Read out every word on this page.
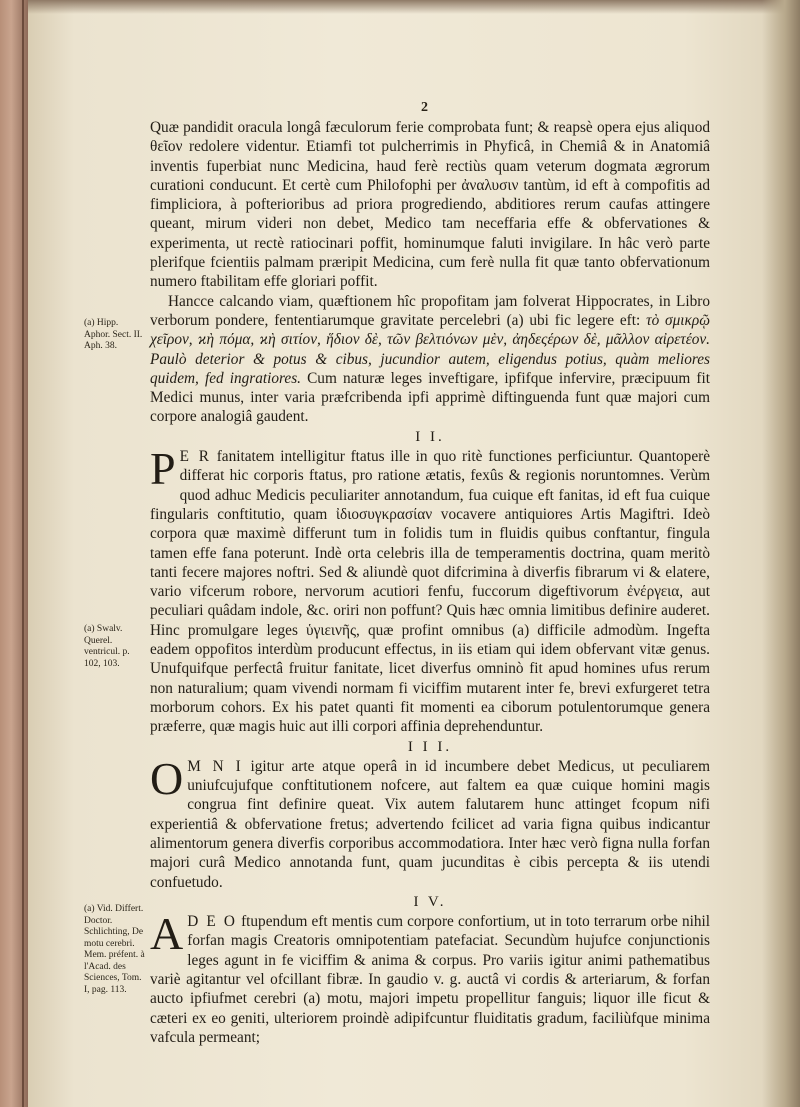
2
(a) Hipp. Aphor. Sect. II. Aph. 38.
(a) Swalv. Querel. ventricul. p. 102, 103.
(a) Vid. Differt. Doctor. Schlichting, De motu cerebri. Mem. préfent. à l'Acad. des Sciences, Tom. I, pag. 113.

Quæ pandidit oracula longâ fæculorum ferie comprobata funt; & reapsè opera ejus aliquod θεῖον redolere videntur. Etiamfi tot pulcherrimis in Phyficâ, in Chemiâ & in Anatomiâ inventis fuperbiat nunc Medicina, haud ferè rectiùs quam veterum dogmata ægrorum curationi conducunt. Et certè cum Philofophi per ἀναλυσιν tantùm, id eft à compofitis ad fimpliciora, à pofterioribus ad priora progrediendo, abditiores rerum caufas attingere queant, mirum videri non debet, Medico tam neceffaria effe & obfervationes & experimenta, ut rectè ratiocinari poffit, hominumque faluti invigilare. In hâc verò parte plerifque fcientiis palmam præripit Medicina, cum ferè nulla fit quæ tanto obfervationum numero ftabilitam effe gloriari poffit.

Hancce calcando viam, quæftionem hîc propofitam jam folverat Hippocrates, in Libro verborum pondere, fententiarumque gravitate percelebri (a) ubi fic legere eft: τὸ σμικρῷ χεῖρον, ϰὴ πόμα, ϰὴ σιτίον, ἥδιον δὲ, τῶν βελτιόνων μὲν, ἀηδεςέρων δὲ, μᾶλλον αἰρετέον. Paulò deterior & potus & cibus, jucundior autem, eligendus potius, quàm meliores quidem, fed ingratiores. Cum naturæ leges inveftigare, ipfifque infervire, præcipuum fit Medici munus, inter varia præfcribenda ipfi apprimè diftinguenda funt quæ majori cum corpore analogiâ gaudent.

I I.

P E R fanitatem intelligitur ftatus ille in quo ritè functiones perficiuntur. Quantoperè differat hic corporis ftatus, pro ratione ætatis, fexûs & regionis noruntomnes. Verùm quod adhuc Medicis peculiariter annotandum, fua cuique eft fanitas, id eft fua cuique fingularis conftitutio, quam ἰδιοσυγκρασίαν vocavere antiquiores Artis Magiftri. Ideò corpora quæ maximè differunt tum in folidis tum in fluidis quibus conftantur, fingula tamen effe fana poterunt. Indè orta celebris illa de temperamentis doctrina, quam meritò tanti fecere majores noftri. Sed & aliundè quot difcrimina à diverfis fibrarum vi & elatere, vario vifcerum robore, nervorum acutiori fenfu, fuccorum digeftivorum ἐνέργεια, aut peculiari quâdam indole, &c. oriri non poffunt? Quis hæc omnia limitibus definire auderet. Hinc promulgare leges ὑγιεινῆς, quæ profint omnibus (a) difficile admodùm. Ingefta eadem oppofitos interdùm producunt effectus, in iis etiam qui idem obfervant vitæ genus. Unufquifque perfectâ fruitur fanitate, licet diverfus omninò fit apud homines ufus rerum non naturalium; quam vivendi normam fi viciffim mutarent inter fe, brevi exfurgeret tetra morborum cohors. Ex his patet quanti fit momenti ea ciborum potulentorumque genera præferre, quæ magis huic aut illi corpori affinia deprehenduntur.

I I I.

O M N I igitur arte atque operâ in id incumbere debet Medicus, ut peculiarem uniufcujufque conftitutionem nofcere, aut faltem ea quæ cuique homini magis congrua fint definire queat. Vix autem falutarem hunc attinget fcopum nifi experientiâ & obfervatione fretus; advertendo fcilicet ad varia figna quibus indicantur alimentorum genera diverfis corporibus accommodatiora. Inter hæc verò figna nulla forfan majori curâ Medico annotanda funt, quam jucunditas è cibis percepta & iis utendi confuetudo.

I V.

A D E O ftupendum eft mentis cum corpore confortium, ut in toto terrarum orbe nihil forfan magis Creatoris omnipotentiam patefaciat. Secundùm hujufce conjunctionis leges agunt in fe viciffim & anima & corpus. Pro variis igitur animi pathematibus variè agitantur vel ofcillant fibræ. In gaudio v. g. auctâ vi cordis & arteriarum, & forfan aucto ipfiufmet cerebri (a) motu, majori impetu propellitur fanguis; liquor ille ficut & cæteri ex eo geniti, ulteriorem proindè adipifcuntur fluiditatis gradum, faciliùfque minima vafcula permeant;
